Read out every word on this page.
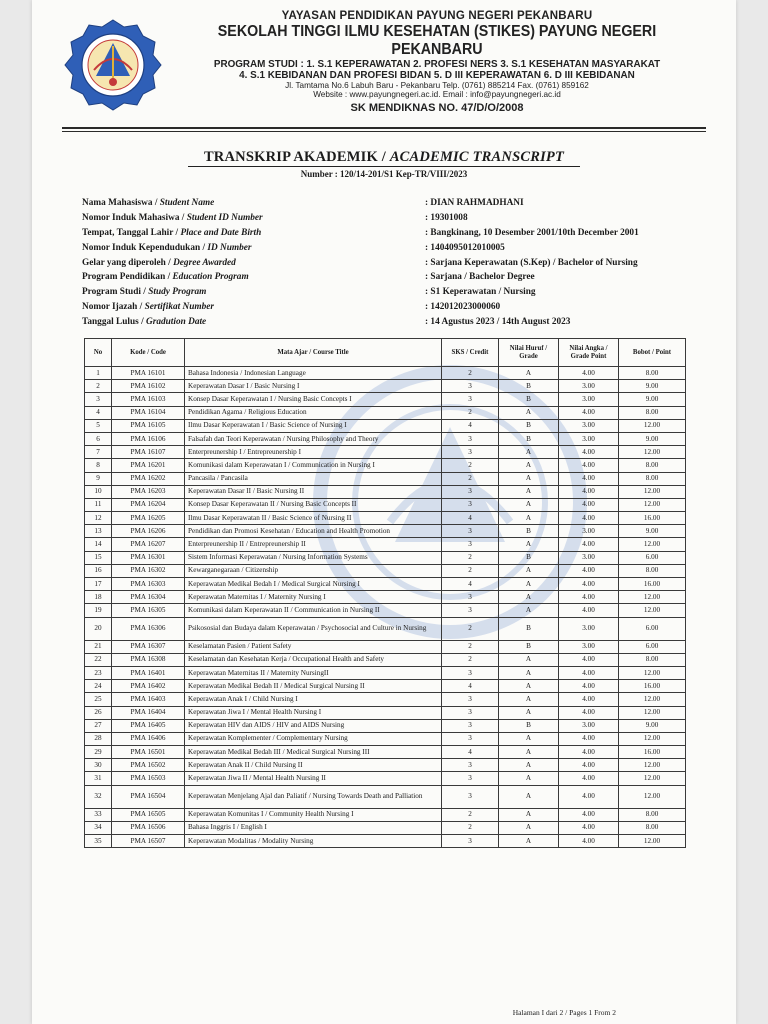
YAYASAN PENDIDIKAN PAYUNG NEGERI PEKANBARU
SEKOLAH TINGGI ILMU KESEHATAN (STIKES) PAYUNG NEGERI PEKANBARU
PROGRAM STUDI : 1. S.1 KEPERAWATAN 2. PROFESI NERS 3. S.1 KESEHATAN MASYARAKAT
4. S.1 KEBIDANAN DAN PROFESI BIDAN 5. D III KEPERAWATAN 6. D III KEBIDANAN
Jl. Tamtama No.6 Labuh Baru - Pekanbaru Telp. (0761) 885214 Fax. (0761) 859162
Website : www.payungnegeri.ac.id. Email : info@payungnegeri.ac.id
SK MENDIKNAS NO. 47/D/O/2008
TRANSKRIP AKADEMIK / ACADEMIC TRANSCRIPT
Number : 120/14-201/S1 Kep-TR/VIII/2023
Nama Mahasiswa / Student Name	: DIAN RAHMADHANI
Nomor Induk Mahasiwa / Student ID Number	: 19301008
Tempat, Tanggal Lahir / Place and Date Birth	: Bangkinang, 10 Desember 2001/10th December 2001
Nomor Induk Kependudukan / ID Number	: 1404095012010005
Gelar yang diperoleh / Degree Awarded	: Sarjana Keperawatan (S.Kep) / Bachelor of Nursing
Program Pendidikan / Education Program	: Sarjana / Bachelor Degree
Program Studi / Study Program	: S1 Keperawatan / Nursing
Nomor Ijazah / Sertifikat Number	: 142012023000060
Tanggal Lulus / Gradution Date	: 14 Agustus 2023 / 14th August 2023
No	Kode / Code	Mata Ajar / Course Title	SKS / Credit	Nilai Huruf / Grade	Nilai Angka / Grade Point	Bobot / Point
1	PMA 16101	Bahasa Indonesia / Indonesian Language	2	A	4.00	8.00
2	PMA 16102	Keperawatan Dasar I / Basic Nursing I	3	B	3.00	9.00
3	PMA 16103	Konsep Dasar Keperawatan I / Nursing Basic Concepts I	3	B	3.00	9.00
4	PMA 16104	Pendidikan Agama / Religious Education	2	A	4.00	8.00
5	PMA 16105	Ilmu Dasar Keperawatan I / Basic Science of Nursing I	4	B	3.00	12.00
6	PMA 16106	Falsafah dan Teori Keperawatan / Nursing Philosophy and Theory	3	B	3.00	9.00
7	PMA 16107	Enterpreunership I / Entrepreunership I	3	A	4.00	12.00
8	PMA 16201	Komunikasi dalam Keperawatan I / Communication in Nursing I	2	A	4.00	8.00
9	PMA 16202	Pancasila / Pancasila	2	A	4.00	8.00
10	PMA 16203	Keperawatan Dasar II / Basic Nursing II	3	A	4.00	12.00
11	PMA 16204	Konsep Dasar Keperawatan II / Nursing Basic Concepts II	3	A	4.00	12.00
12	PMA 16205	Ilmu Dasar Keperawatan II / Basic Science of Nursing II	4	A	4.00	16.00
13	PMA 16206	Pendidikan dan Promosi Kesehatan / Education and Health Promotion	3	B	3.00	9.00
14	PMA 16207	Enterpreunership II / Entrepreunership II	3	A	4.00	12.00
15	PMA 16301	Sistem Informasi Keperawatan / Nursing Information Systems	2	B	3.00	6.00
16	PMA 16302	Kewarganegaraan / Citizenship	2	A	4.00	8.00
17	PMA 16303	Keperawatan Medikal Bedah I / Medical Surgical Nursing I	4	A	4.00	16.00
18	PMA 16304	Keperawatan Maternitas I / Maternity Nursing I	3	A	4.00	12.00
19	PMA 16305	Komunikasi dalam Keperawatan II / Communication in Nursing II	3	A	4.00	12.00
20	PMA 16306	Psikososial dan Budaya dalam Keperawatan / Psychosocial and Culture in Nursing	2	B	3.00	6.00
21	PMA 16307	Keselamatan Pasien / Patient Safety	2	B	3.00	6.00
22	PMA 16308	Keselamatan dan Kesehatan Kerja / Occupational Health and Safety	2	A	4.00	8.00
23	PMA 16401	Keperawatan Maternitas II / Maternity NursingII	3	A	4.00	12.00
24	PMA 16402	Keperawatan Medikal Bedah II / Medical Surgical Nursing II	4	A	4.00	16.00
25	PMA 16403	Keperawatan Anak I / Child Nursing I	3	A	4.00	12.00
26	PMA 16404	Keperawatan Jiwa I / Mental Health Nursing I	3	A	4.00	12.00
27	PMA 16405	Keperawatan HIV dan AIDS / HIV and AIDS Nursing	3	B	3.00	9.00
28	PMA 16406	Keperawatan Komplementer / Complementary Nursing	3	A	4.00	12.00
29	PMA 16501	Keperawatan Medikal Bedah III / Medical Surgical Nursing III	4	A	4.00	16.00
30	PMA 16502	Keperawatan Anak II / Child Nursing II	3	A	4.00	12.00
31	PMA 16503	Keperawatan Jiwa II / Mental Health Nursing II	3	A	4.00	12.00
32	PMA 16504	Keperawatan Menjelang Ajal dan Paliatif / Nursing Towards Death and Palliation	3	A	4.00	12.00
33	PMA 16505	Keperawatan Komunitas I / Community Health Nursing I	2	A	4.00	8.00
34	PMA 16506	Bahasa Inggris I / English I	2	A	4.00	8.00
35	PMA 16507	Keperawatan Modalitas / Modality Nursing	3	A	4.00	12.00
Halaman I dari 2 / Pages 1 From 2
